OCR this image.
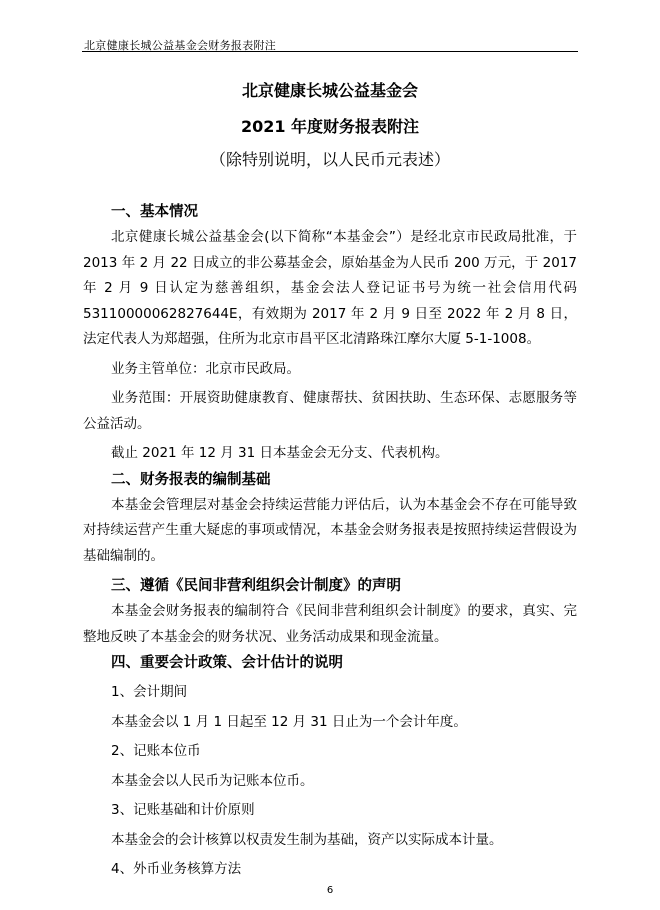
北京健康长城公益基金会财务报表附注
北京健康长城公益基金会
2021 年度财务报表附注
（除特别说明，以人民币元表述）
一、基本情况

北京健康长城公益基金会(以下简称“本基金会”）是经北京市民政局批准，于 2013 年 2 月 22 日成立的非公募基金会，原始基金为人民币 200 万元，于 2017 年 2 月 9 日认定为慈善组织，基金会法人登记证书号为统一社会信用代码 53110000062827644E，有效期为 2017 年 2 月 9 日至 2022 年 2 月 8 日，法定代表人为郑超强，住所为北京市昌平区北清路珠江摩尔大厦 5-1-1008。

业务主管单位：北京市民政局。

业务范围：开展资助健康教育、健康帮扶、贫困扶助、生态环保、志愿服务等公益活动。

截止 2021 年 12 月 31 日本基金会无分支、代表机构。

二、财务报表的编制基础

本基金会管理层对基金会持续运营能力评估后，认为本基金会不存在可能导致对持续运营产生重大疑虑的事项或情况，本基金会财务报表是按照持续运营假设为基础编制的。

三、遵循《民间非营利组织会计制度》的声明

本基金会财务报表的编制符合《民间非营利组织会计制度》的要求，真实、完整地反映了本基金会的财务状况、业务活动成果和现金流量。

四、重要会计政策、会计估计的说明

1、会计期间

本基金会以 1 月 1 日起至 12 月 31 日止为一个会计年度。

2、记账本位币

本基金会以人民币为记账本位币。

3、记账基础和计价原则

本基金会的会计核算以权责发生制为基础，资产以实际成本计量。

4、外币业务核算方法

6
